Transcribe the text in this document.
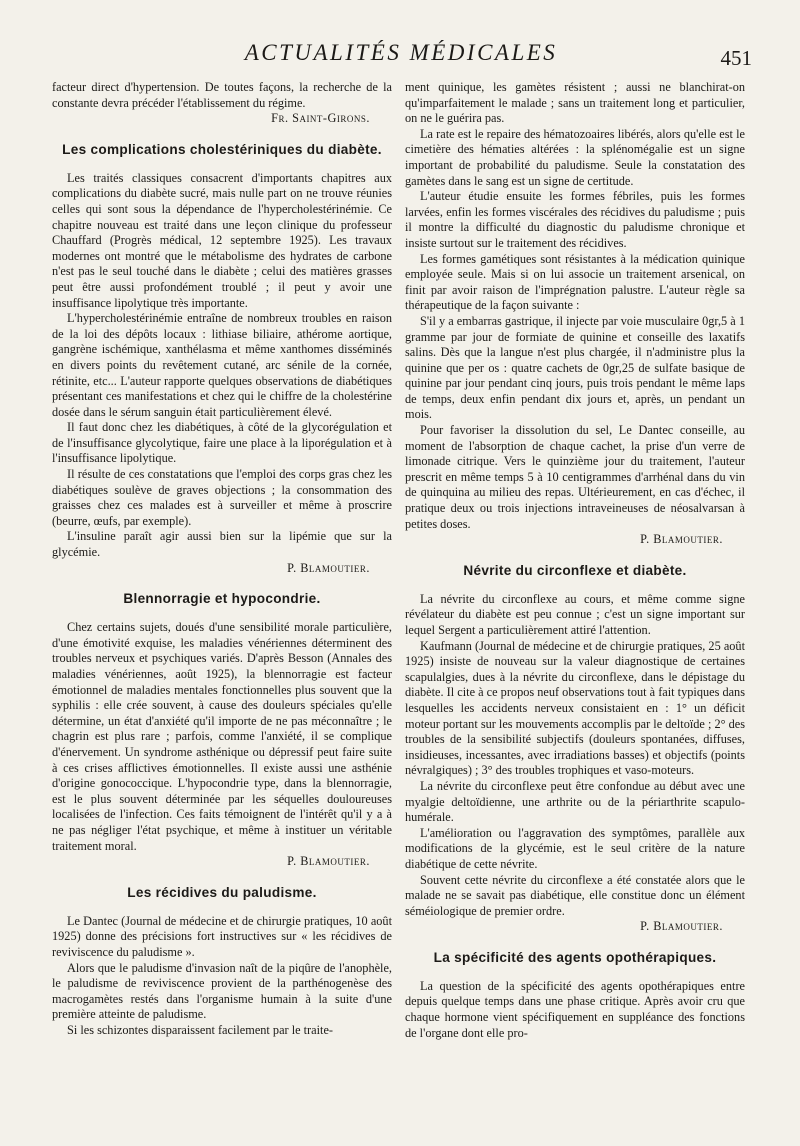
ACTUALITÉS MÉDICALES	451

facteur direct d'hypertension. De toutes façons, la recherche de la constante devra précéder l'établissement du régime.

Fr. Saint-Girons.
Les complications cholestériniques du diabète.

Les traités classiques consacrent d'importants chapitres aux complications du diabète sucré, mais nulle part on ne trouve réunies celles qui sont sous la dépendance de l'hypercholestérinémie. Ce chapitre nouveau est traité dans une leçon clinique du professeur Chauffard (Progrès médical, 12 septembre 1925). Les travaux modernes ont montré que le métabolisme des hydrates de carbone n'est pas le seul touché dans le diabète ; celui des matières grasses peut être aussi profondément troublé ; il peut y avoir une insuffisance lipolytique très importante.

L'hypercholestérinémie entraîne de nombreux troubles en raison de la loi des dépôts locaux : lithiase biliaire, athérome aortique, gangrène ischémique, xanthélasma et même xanthomes disséminés en divers points du revêtement cutané, arc sénile de la cornée, rétinite, etc... L'auteur rapporte quelques observations de diabétiques présentant ces manifestations et chez qui le chiffre de la cholestérine dosée dans le sérum sanguin était particulièrement élevé.

Il faut donc chez les diabétiques, à côté de la glycorégulation et de l'insuffisance glycolytique, faire une place à la liporégulation et à l'insuffisance lipolytique.

Il résulte de ces constatations que l'emploi des corps gras chez les diabétiques soulève de graves objections ; la consommation des graisses chez ces malades est à surveiller et même à proscrire (beurre, œufs, par exemple).

L'insuline paraît agir aussi bien sur la lipémie que sur la glycémie.

P. Blamoutier.
Blennorragie et hypocondrie.

Chez certains sujets, doués d'une sensibilité morale particulière, d'une émotivité exquise, les maladies vénériennes déterminent des troubles nerveux et psychiques variés. D'après Besson (Annales des maladies vénériennes, août 1925), la blennorragie est facteur émotionnel de maladies mentales fonctionnelles plus souvent que la syphilis : elle crée souvent, à cause des douleurs spéciales qu'elle détermine, un état d'anxiété qu'il importe de ne pas méconnaître ; le chagrin est plus rare ; parfois, comme l'anxiété, il se complique d'énervement. Un syndrome asthénique ou dépressif peut faire suite à ces crises afflictives émotionnelles. Il existe aussi une asthénie d'origine gonococcique. L'hypocondrie type, dans la blennorragie, est le plus souvent déterminée par les séquelles douloureuses localisées de l'infection. Ces faits témoignent de l'intérêt qu'il y a à ne pas négliger l'état psychique, et même à instituer un véritable traitement moral.

P. Blamoutier.
Les récidives du paludisme.

Le Dantec (Journal de médecine et de chirurgie pratiques, 10 août 1925) donne des précisions fort instructives sur « les récidives de reviviscence du paludisme ».

Alors que le paludisme d'invasion naît de la piqûre de l'anophèle, le paludisme de reviviscence provient de la parthénogenèse des macrogamètes restés dans l'organisme humain à la suite d'une première atteinte de paludisme.

Si les schizontes disparaissent facilement par le traite-

ment quinique, les gamètes résistent ; aussi ne blanchirat-on qu'imparfaitement le malade ; sans un traitement long et particulier, on ne le guérira pas.

La rate est le repaire des hématozoaires libérés, alors qu'elle est le cimetière des hématies altérées : la splénomégalie est un signe important de probabilité du paludisme. Seule la constatation des gamètes dans le sang est un signe de certitude.

L'auteur étudie ensuite les formes fébriles, puis les formes larvées, enfin les formes viscérales des récidives du paludisme ; puis il montre la difficulté du diagnostic du paludisme chronique et insiste surtout sur le traitement des récidives.

Les formes gamétiques sont résistantes à la médication quinique employée seule. Mais si on lui associe un traitement arsenical, on finit par avoir raison de l'imprégnation palustre. L'auteur règle sa thérapeutique de la façon suivante :

S'il y a embarras gastrique, il injecte par voie musculaire 0gr,5 à 1 gramme par jour de formiate de quinine et conseille des laxatifs salins. Dès que la langue n'est plus chargée, il n'administre plus la quinine que per os : quatre cachets de 0gr,25 de sulfate basique de quinine par jour pendant cinq jours, puis trois pendant le même laps de temps, deux enfin pendant dix jours et, après, un pendant un mois.

Pour favoriser la dissolution du sel, Le Dantec conseille, au moment de l'absorption de chaque cachet, la prise d'un verre de limonade citrique. Vers le quinzième jour du traitement, l'auteur prescrit en même temps 5 à 10 centigrammes d'arrhénal dans du vin de quinquina au milieu des repas. Ultérieurement, en cas d'échec, il pratique deux ou trois injections intraveineuses de néosalvarsan à petites doses.

P. Blamoutier.
Névrite du circonflexe et diabète.

La névrite du circonflexe au cours, et même comme signe révélateur du diabète est peu connue ; c'est un signe important sur lequel Sergent a particulièrement attiré l'attention.

Kaufmann (Journal de médecine et de chirurgie pratiques, 25 août 1925) insiste de nouveau sur la valeur diagnostique de certaines scapulalgies, dues à la névrite du circonflexe, dans le dépistage du diabète. Il cite à ce propos neuf observations tout à fait typiques dans lesquelles les accidents nerveux consistaient en : 1° un déficit moteur portant sur les mouvements accomplis par le deltoïde ; 2° des troubles de la sensibilité subjectifs (douleurs spontanées, diffuses, insidieuses, incessantes, avec irradiations basses) et objectifs (points névralgiques) ; 3° des troubles trophiques et vaso-moteurs.

La névrite du circonflexe peut être confondue au début avec une myalgie deltoïdienne, une arthrite ou de la périarthrite scapulo-humérale.

L'amélioration ou l'aggravation des symptômes, parallèle aux modifications de la glycémie, est le seul critère de la nature diabétique de cette névrite.

Souvent cette névrite du circonflexe a été constatée alors que le malade ne se savait pas diabétique, elle constitue donc un élément séméiologique de premier ordre.

P. Blamoutier.
La spécificité des agents opothérapiques.

La question de la spécificité des agents opothérapiques entre depuis quelque temps dans une phase critique. Après avoir cru que chaque hormone vient spécifiquement en suppléance des fonctions de l'organe dont elle pro-
